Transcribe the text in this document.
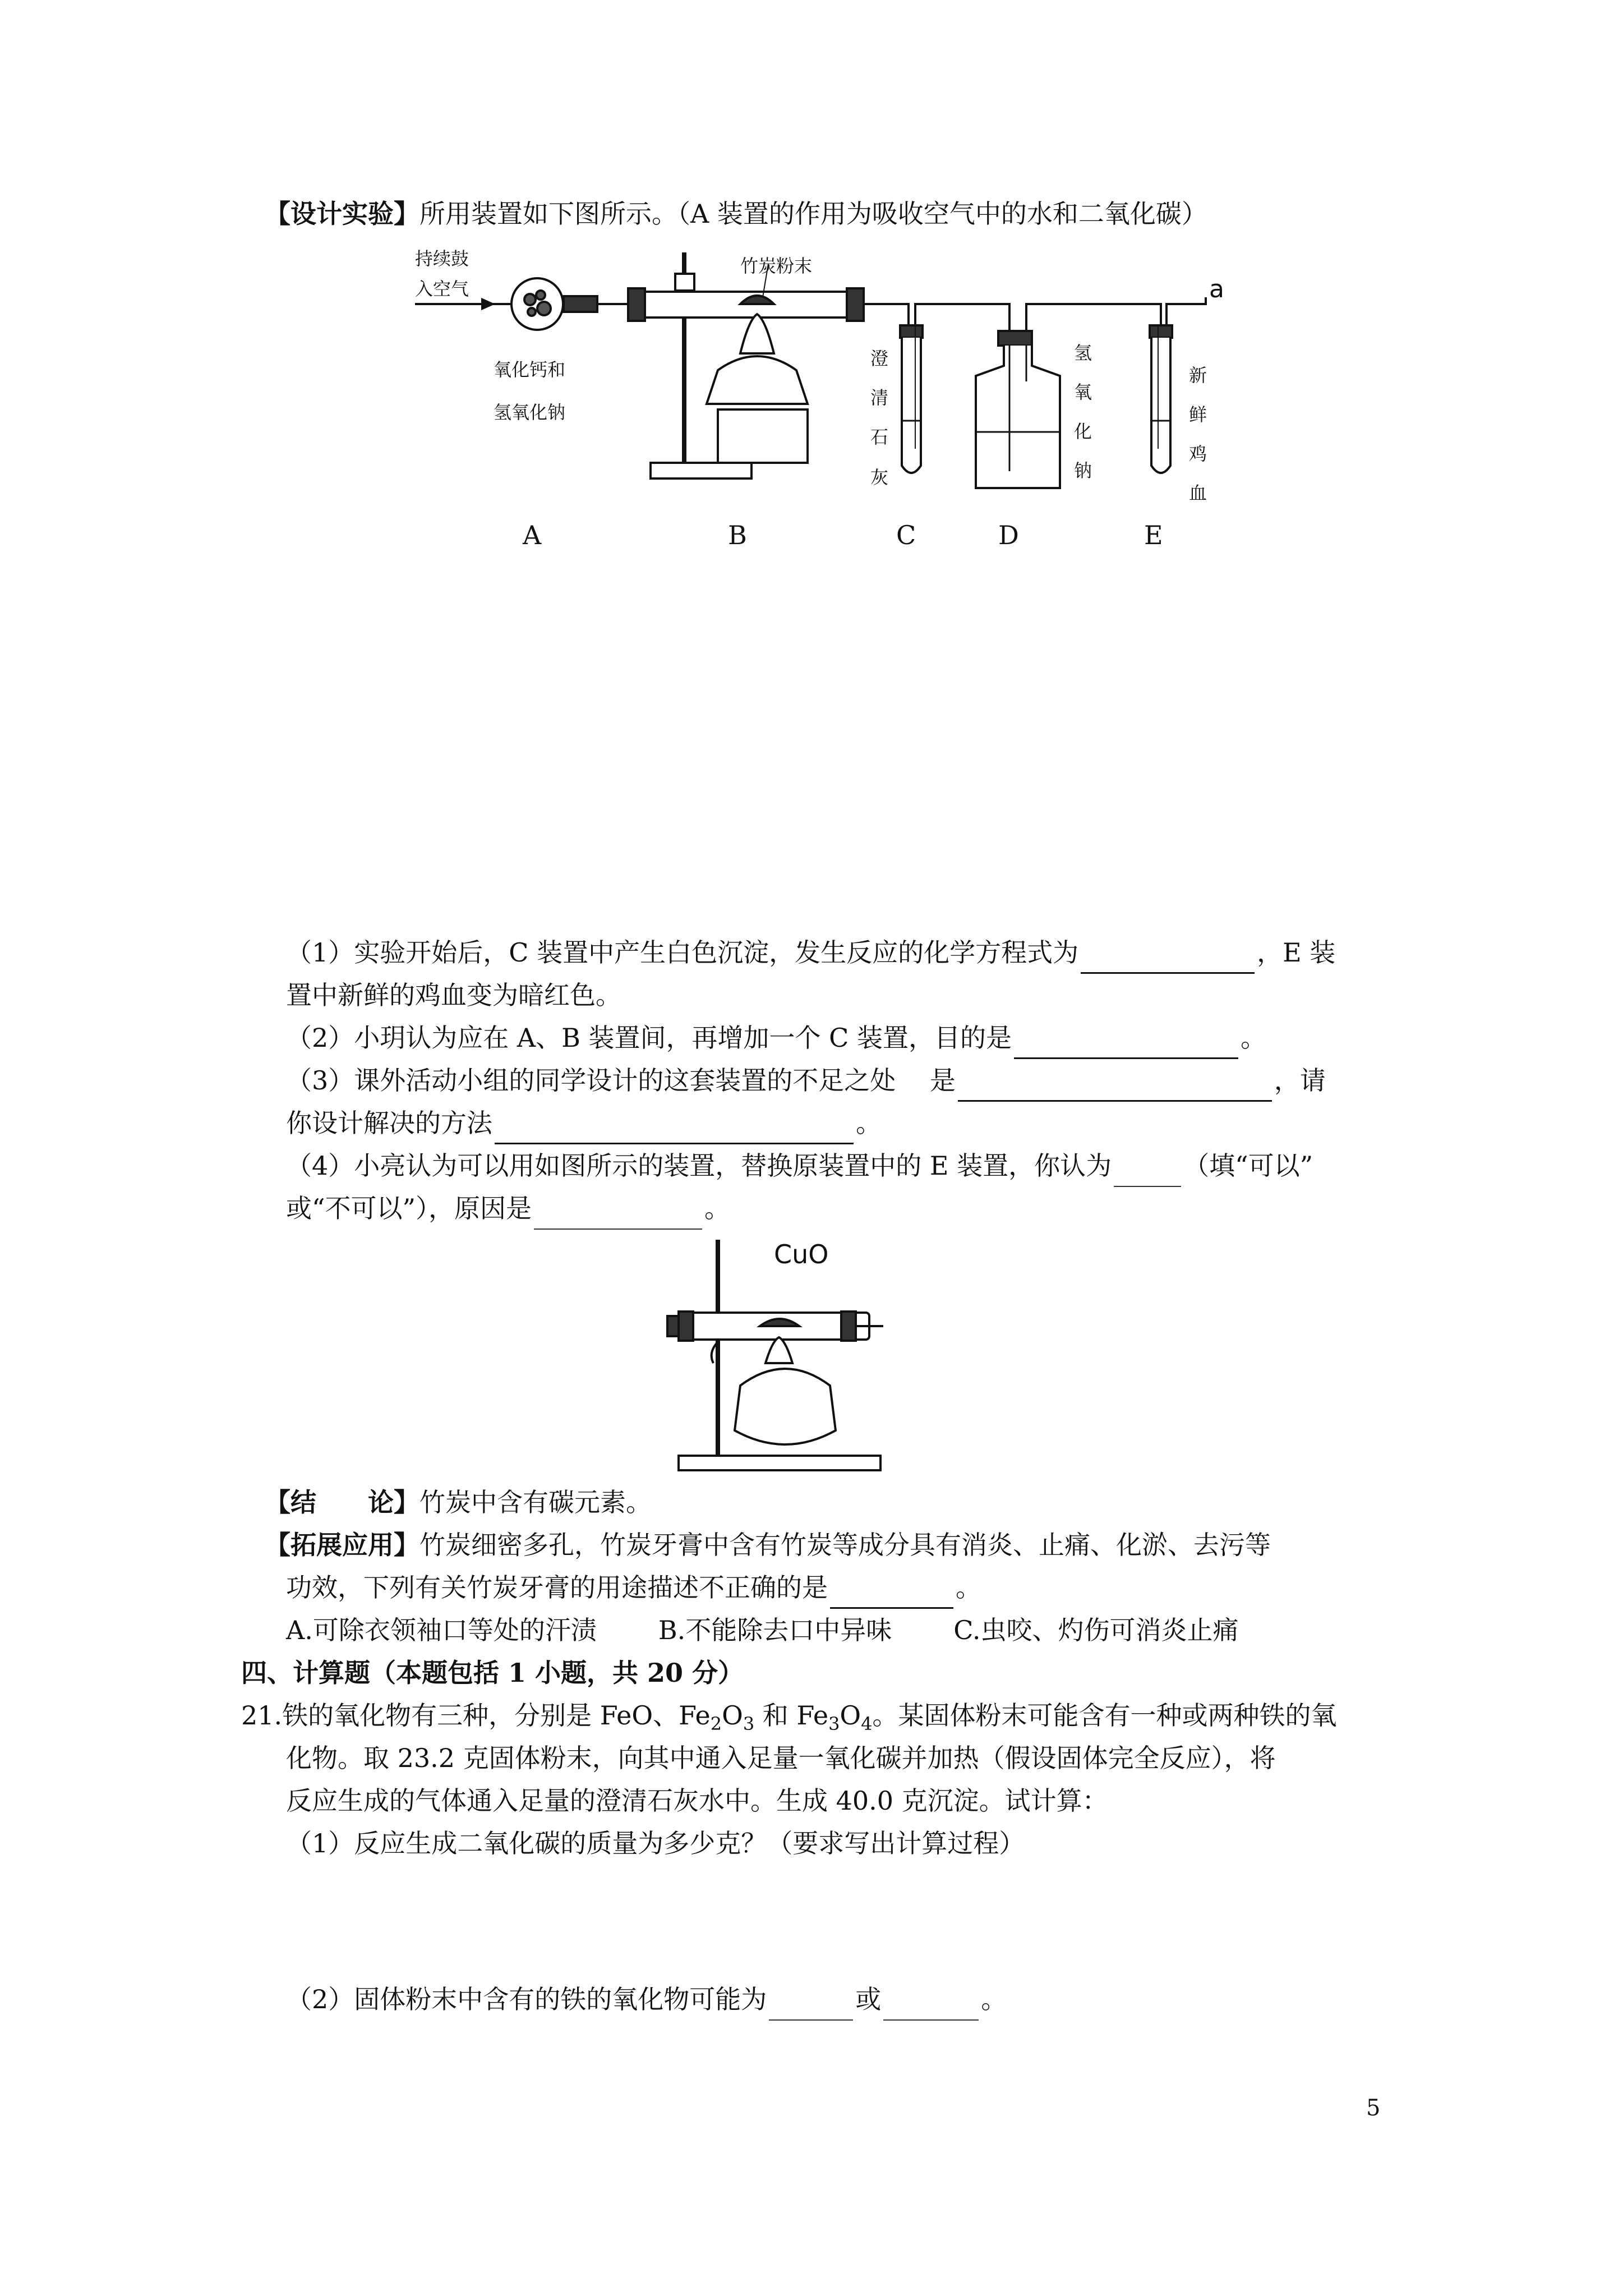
【设计实验】所用装置如下图所示。（A 装置的作用为吸收空气中的水和二氧化碳）
持续鼓
入空气
竹炭粉末
氧化钙和
氢氧化钠
澄
清
石
灰
氢
氧
化
钠
新
鲜
鸡
血
a
A	B	C	D	E
（1）实验开始后，C 装置中产生白色沉淀，发生反应的化学方程式为	，E 装
置中新鲜的鸡血变为暗红色。
（2）小玥认为应在 A、B 装置间，再增加一个 C 装置，目的是	。
（3）课外活动小组的同学设计的这套装置的不足之处　 是	，请
你设计解决的方法	。
（4）小亮认为可以用如图所示的装置，替换原装置中的 E 装置，你认为	（填“可以”
或“不可以”），原因是	。
CuO
【结　　论】竹炭中含有碳元素。
【拓展应用】竹炭细密多孔，竹炭牙膏中含有竹炭等成分具有消炎、止痛、化淤、去污等
功效，下列有关竹炭牙膏的用途描述不正确的是	。
A.可除衣领袖口等处的汗渍 B.不能除去口中异味 C.虫咬、灼伤可消炎止痛
四、计算题（本题包括 1 小题，共 20 分）
21.铁的氧化物有三种，分别是 FeO、$Fe_2O_3$ 和 $Fe_3O_4$。某固体粉末可能含有一种或两种铁的氧
化物。取 23.2 克固体粉末，向其中通入足量一氧化碳并加热（假设固体完全反应），将
反应生成的气体通入足量的澄清石灰水中。生成 40.0 克沉淀。试计算：
（1）反应生成二氧化碳的质量为多少克？（要求写出计算过程）
（2）固体粉末中含有的铁的氧化物可能为	或	。
5
